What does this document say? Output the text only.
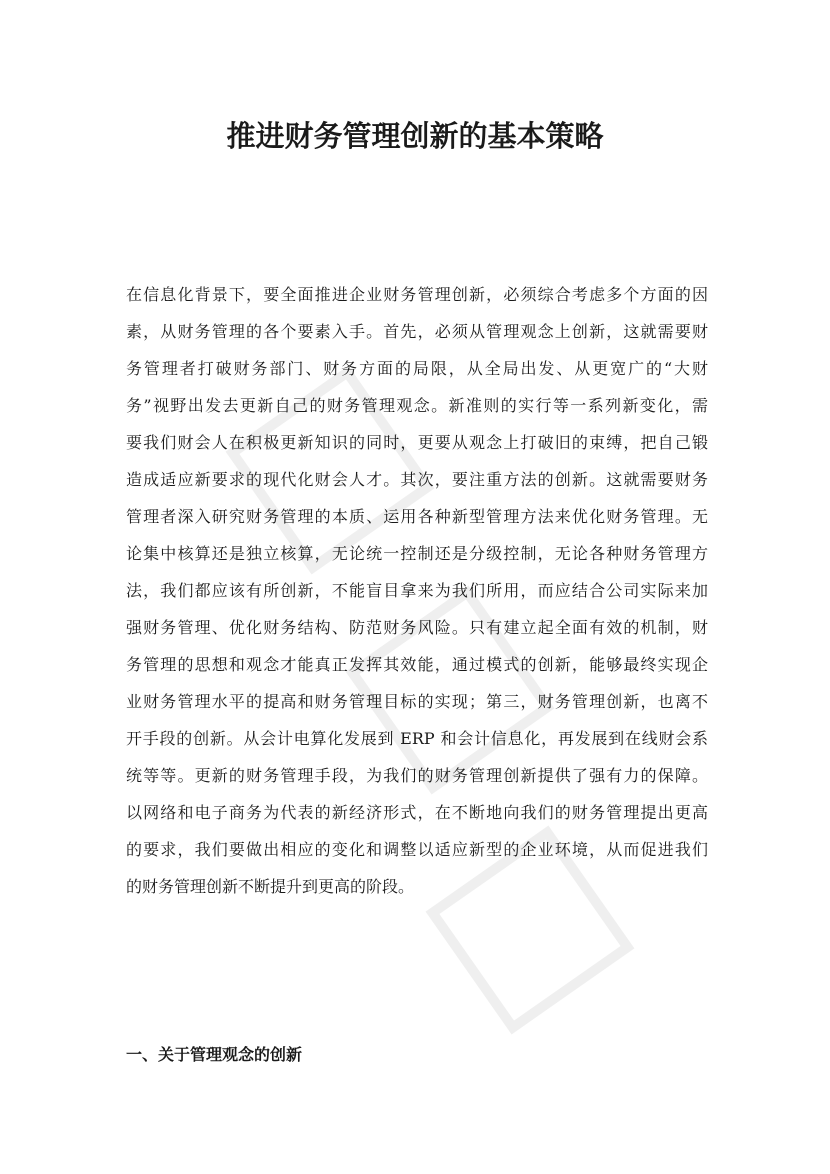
推进财务管理创新的基本策略
在信息化背景下，要全面推进企业财务管理创新，必须综合考虑多个方面的因
素，从财务管理的各个要素入手。首先，必须从管理观念上创新，这就需要财
务管理者打破财务部门、财务方面的局限，从全局出发、从更宽广的“大财
务”视野出发去更新自己的财务管理观念。新准则的实行等一系列新变化，需
要我们财会人在积极更新知识的同时，更要从观念上打破旧的束缚，把自己锻
造成适应新要求的现代化财会人才。其次，要注重方法的创新。这就需要财务
管理者深入研究财务管理的本质、运用各种新型管理方法来优化财务管理。无
论集中核算还是独立核算，无论统一控制还是分级控制，无论各种财务管理方
法，我们都应该有所创新，不能盲目拿来为我们所用，而应结合公司实际来加
强财务管理、优化财务结构、防范财务风险。只有建立起全面有效的机制，财
务管理的思想和观念才能真正发挥其效能，通过模式的创新，能够最终实现企
业财务管理水平的提高和财务管理目标的实现；第三，财务管理创新，也离不
开手段的创新。从会计电算化发展到 ERP 和会计信息化，再发展到在线财会系
统等等。更新的财务管理手段，为我们的财务管理创新提供了强有力的保障。
以网络和电子商务为代表的新经济形式，在不断地向我们的财务管理提出更高
的要求，我们要做出相应的变化和调整以适应新型的企业环境，从而促进我们
的财务管理创新不断提升到更高的阶段。
一、关于管理观念的创新
